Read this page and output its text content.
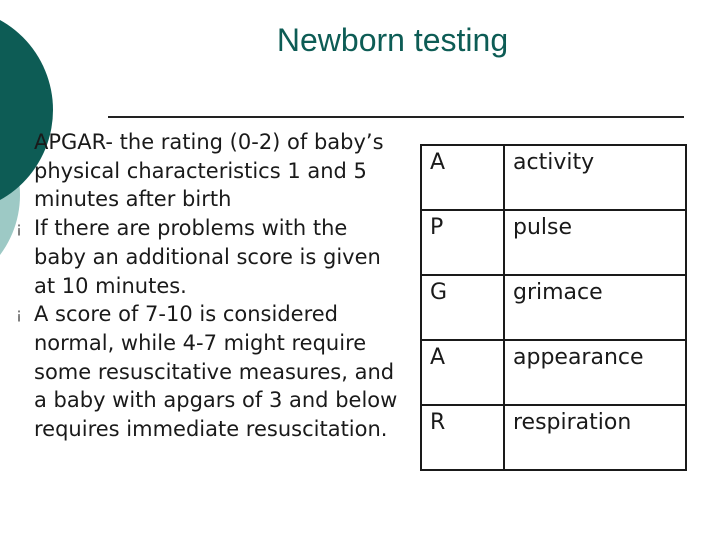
Newborn testing
APGAR- the rating (0-2) of baby’s physical characteristics 1 and 5 minutes after birth
¡ If there are problems with the baby an additional score is given at 10 minutes.
¡ A score of 7-10 is considered normal, while 4-7 might require some resuscitative measures, and a baby with apgars of 3 and below requires immediate resuscitation.
A	activity
P	pulse
G	grimace
A	appearance
R	respiration
